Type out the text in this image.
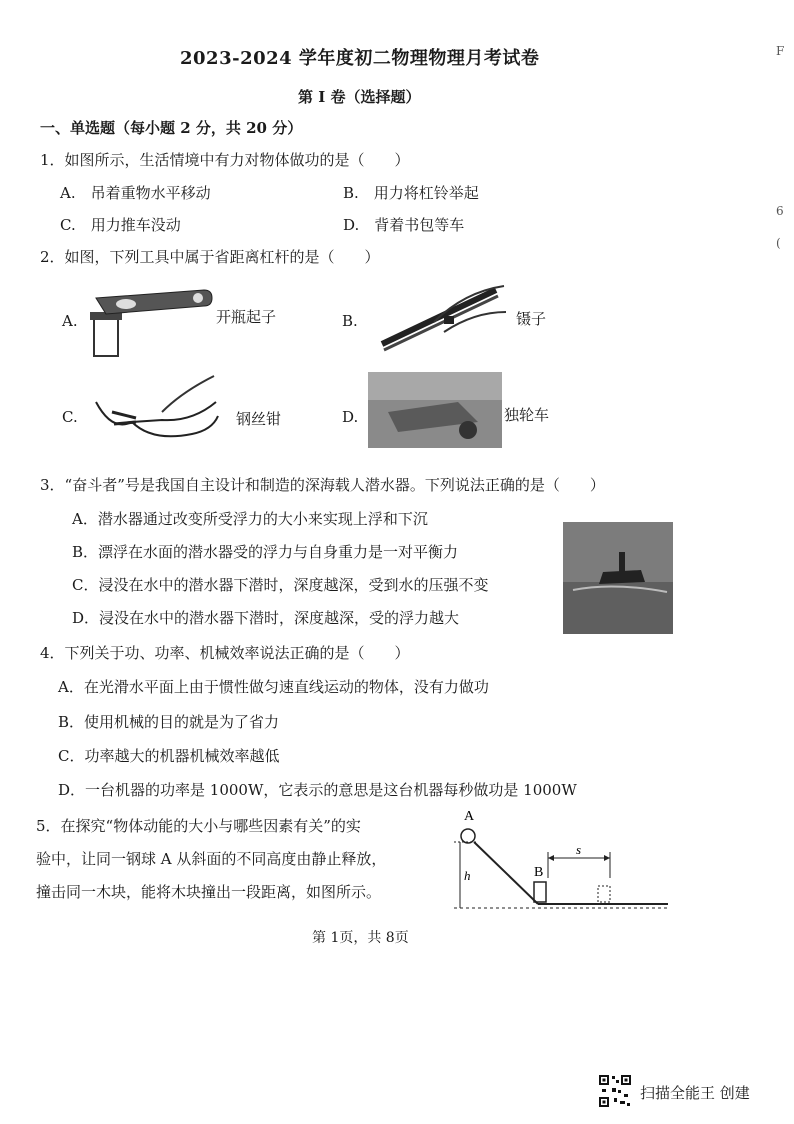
2023-2024 学年度初二物理物理月考试卷
第 I 卷（选择题）
一、单选题（每小题 2 分，共 20 分）
1．如图所示，生活情境中有力对物体做功的是（　　）
A.　吊着重物水平移动	B.　用力将杠铃举起
C.　用力推车没动	D.　背着书包等车
2．如图，下列工具中属于省距离杠杆的是（　　）
A.	开瓶起子	B.	镊子
C.	钢丝钳	D.	独轮车
3．“奋斗者”号是我国自主设计和制造的深海载人潜水器。下列说法正确的是（　　）
A．潜水器通过改变所受浮力的大小来实现上浮和下沉
B．漂浮在水面的潜水器受的浮力与自身重力是一对平衡力
C．浸没在水中的潜水器下潜时，深度越深，受到水的压强不变
D．浸没在水中的潜水器下潜时，深度越深，受的浮力越大
4．下列关于功、功率、机械效率说法正确的是（　　）
A．在光滑水平面上由于惯性做匀速直线运动的物体，没有力做功
B．使用机械的目的就是为了省力
C．功率越大的机器机械效率越低
D．一台机器的功率是 1000W，它表示的意思是这台机器每秒做功是 1000W
5．在探究“物体动能的大小与哪些因素有关”的实
验中，让同一钢球 A 从斜面的不同高度由静止释放，
撞击同一木块，能将木块撞出一段距离，如图所示。
A
B
h
s
第 1页，共 8页
F
6
(
扫描全能王 创建
